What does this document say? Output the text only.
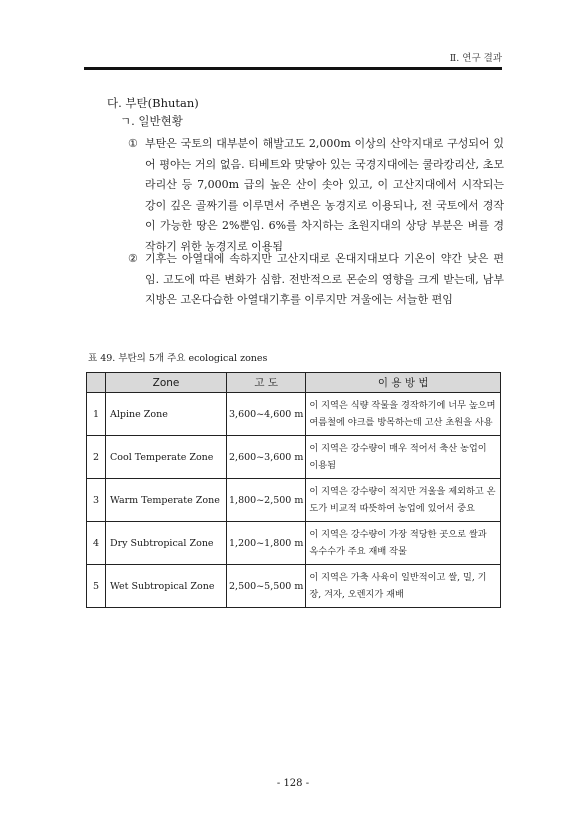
Ⅱ. 연구 결과
다. 부탄(Bhutan)
ㄱ. 일반현황
① 부탄은 국토의 대부분이 해발고도 2,000m 이상의 산악지대로 구성되어 있어 평야는 거의 없음. 티베트와 맞닿아 있는 국경지대에는 쿨라캉리산, 초모라리산 등 7,000m 급의 높은 산이 솟아 있고, 이 고산지대에서 시작되는 강이 깊은 골짜기를 이루면서 주변은 농경지로 이용되나, 전 국토에서 경작이 가능한 땅은 2%뿐임. 6%를 차지하는 초원지대의 상당 부분은 벼를 경작하기 위한 농경지로 이용됨
② 기후는 아열대에 속하지만 고산지대로 온대지대보다 기온이 약간 낮은 편임. 고도에 따른 변화가 심함. 전반적으로 몬순의 영향을 크게 받는데, 남부지방은 고온다습한 아열대기후를 이루지만 겨울에는 서늘한 편임
표 49. 부탄의 5개 주요 ecological zones
	Zone	고 도	이 용 방 법
1	Alpine Zone	3,600~4,600 m	이 지역은 식량 작물을 경작하기에 너무 높으며 여름철에 야크를 방목하는데 고산 초원을 사용
2	Cool Temperate Zone	2,600~3,600 m	이 지역은 강수량이 매우 적어서 축산 농업이 이용됨
3	Warm Temperate Zone	1,800~2,500 m	이 지역은 강수량이 적지만 겨울을 제외하고 온도가 비교적 따뜻하여 농업에 있어서 중요
4	Dry Subtropical Zone	1,200~1,800 m	이 지역은 강수량이 가장 적당한 곳으로 쌀과 옥수수가 주요 재배 작물
5	Wet Subtropical Zone	2,500~5,500 m	이 지역은 가축 사육이 일반적이고 쌀, 밀, 기장, 겨자, 오렌지가 재배
- 128 -
